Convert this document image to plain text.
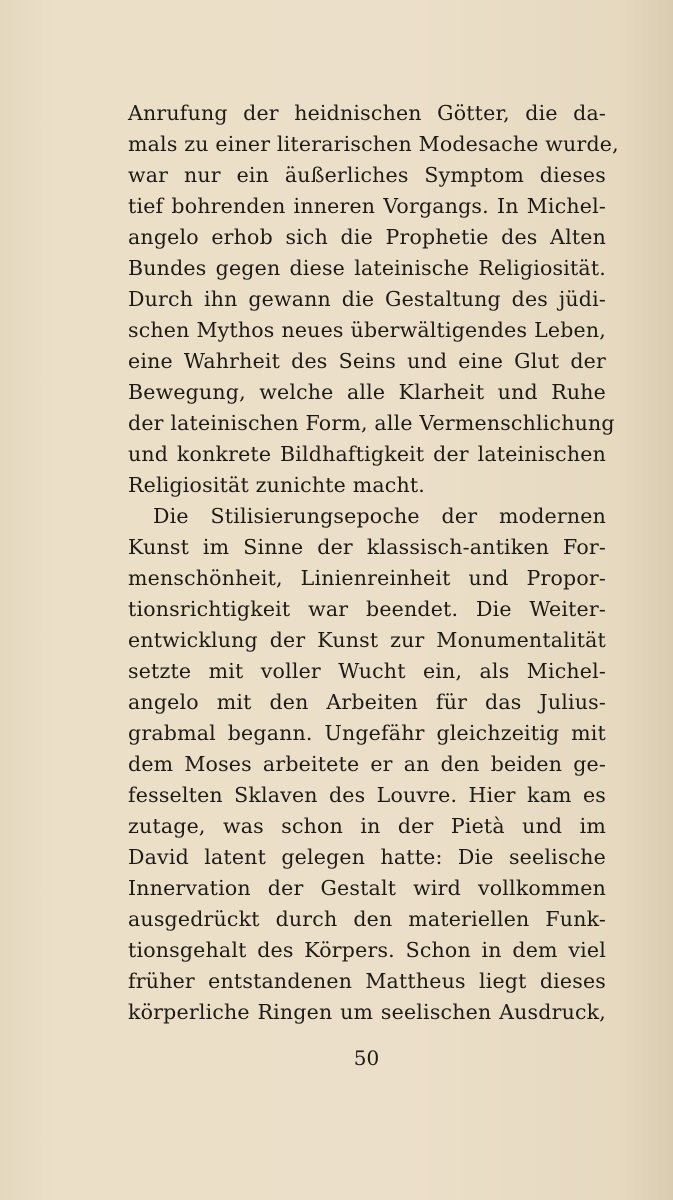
Anrufung der heidnischen Götter, die da-
mals zu einer literarischen Modesache wurde,
war nur ein äußerliches Symptom dieses
tief bohrenden inneren Vorgangs. In Michel-
angelo erhob sich die Prophetie des Alten
Bundes gegen diese lateinische Religiosität.
Durch ihn gewann die Gestaltung des jüdi-
schen Mythos neues überwältigendes Leben,
eine Wahrheit des Seins und eine Glut der
Bewegung, welche alle Klarheit und Ruhe
der lateinischen Form, alle Vermenschlichung
und konkrete Bildhaftigkeit der lateinischen
Religiosität zunichte macht.
Die Stilisierungsepoche der modernen
Kunst im Sinne der klassisch-antiken For-
menschönheit, Linienreinheit und Propor-
tionsrichtigkeit war beendet. Die Weiter-
entwicklung der Kunst zur Monumentalität
setzte mit voller Wucht ein, als Michel-
angelo mit den Arbeiten für das Julius-
grabmal begann. Ungefähr gleichzeitig mit
dem Moses arbeitete er an den beiden ge-
fesselten Sklaven des Louvre. Hier kam es
zutage, was schon in der Pietà und im
David latent gelegen hatte: Die seelische
Innervation der Gestalt wird vollkommen
ausgedrückt durch den materiellen Funk-
tionsgehalt des Körpers. Schon in dem viel
früher entstandenen Mattheus liegt dieses
körperliche Ringen um seelischen Ausdruck,
50
